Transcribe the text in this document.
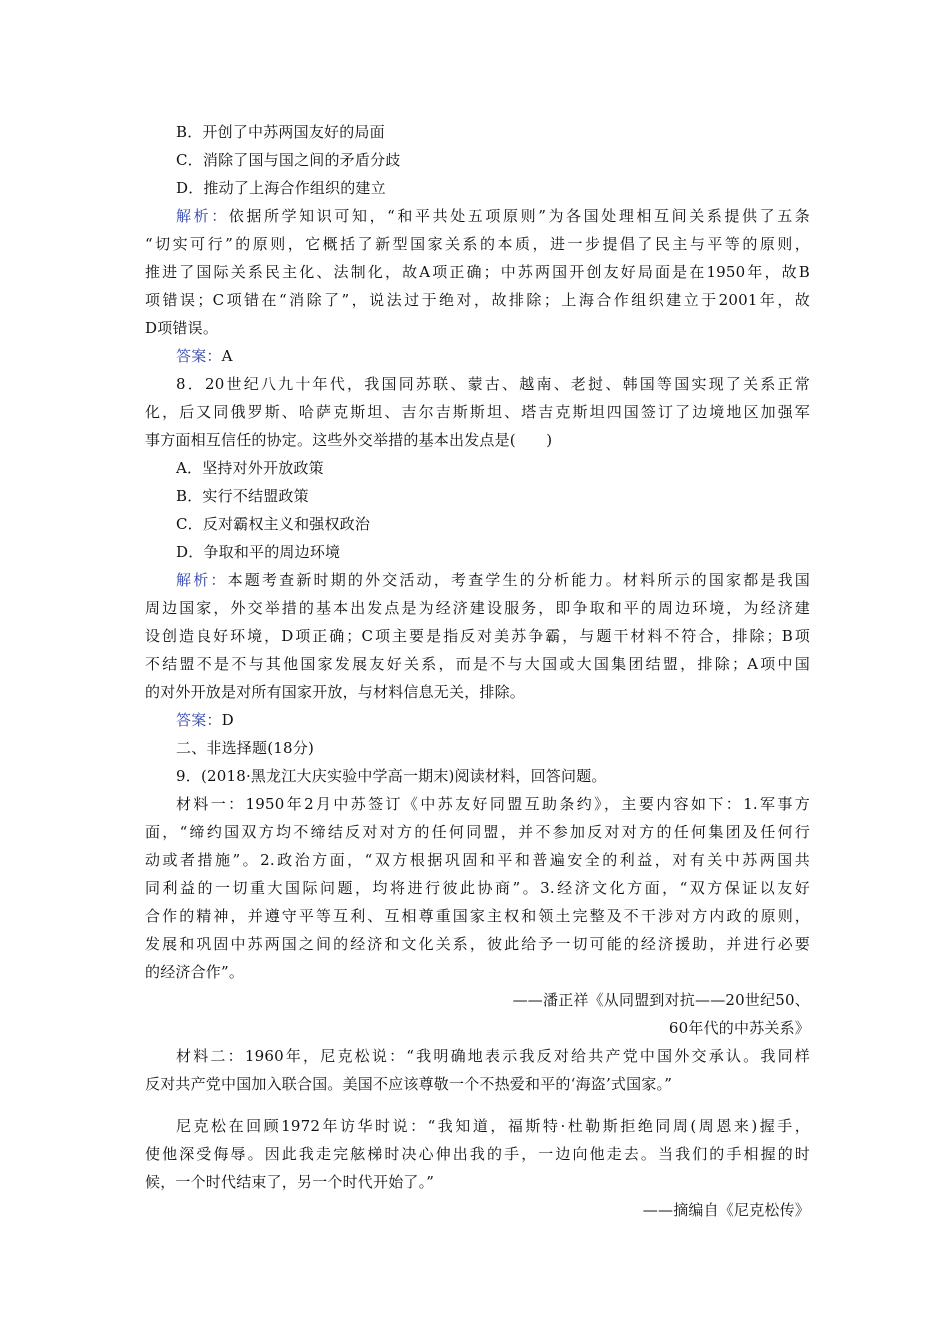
B．开创了中苏两国友好的局面
C．消除了国与国之间的矛盾分歧
D．推动了上海合作组织的建立
解析：依据所学知识可知，“和平共处五项原则”为各国处理相互间关系提供了五条
“切实可行”的原则，它概括了新型国家关系的本质，进一步提倡了民主与平等的原则，
推进了国际关系民主化、法制化，故A项正确；中苏两国开创友好局面是在1950年，故B
项错误；C项错在“消除了”，说法过于绝对，故排除；上海合作组织建立于2001年，故
D项错误。
答案：A
8．20世纪八九十年代，我国同苏联、蒙古、越南、老挝、韩国等国实现了关系正常
化，后又同俄罗斯、哈萨克斯坦、吉尔吉斯斯坦、塔吉克斯坦四国签订了边境地区加强军
事方面相互信任的协定。这些外交举措的基本出发点是(　　)
A．坚持对外开放政策
B．实行不结盟政策
C．反对霸权主义和强权政治
D．争取和平的周边环境
解析：本题考查新时期的外交活动，考查学生的分析能力。材料所示的国家都是我国
周边国家，外交举措的基本出发点是为经济建设服务，即争取和平的周边环境，为经济建
设创造良好环境，D项正确；C项主要是指反对美苏争霸，与题干材料不符合，排除；B项
不结盟不是不与其他国家发展友好关系，而是不与大国或大国集团结盟，排除；A项中国
的对外开放是对所有国家开放，与材料信息无关，排除。
答案：D
二、非选择题(18分)
9．(2018·黑龙江大庆实验中学高一期末)阅读材料，回答问题。
材料一：1950年2月中苏签订《中苏友好同盟互助条约》，主要内容如下：1.军事方
面，“缔约国双方均不缔结反对对方的任何同盟，并不参加反对对方的任何集团及任何行
动或者措施”。2.政治方面，“双方根据巩固和平和普遍安全的利益，对有关中苏两国共
同利益的一切重大国际问题，均将进行彼此协商”。3.经济文化方面，“双方保证以友好
合作的精神，并遵守平等互利、互相尊重国家主权和领土完整及不干涉对方内政的原则，
发展和巩固中苏两国之间的经济和文化关系，彼此给予一切可能的经济援助，并进行必要
的经济合作”。
——潘正祥《从同盟到对抗——20世纪50、
60年代的中苏关系》
材料二：1960年，尼克松说：“我明确地表示我反对给共产党中国外交承认。我同样
反对共产党中国加入联合国。美国不应该尊敬一个不热爱和平的‘海盗’式国家。”
尼克松在回顾1972年访华时说：“我知道，福斯特·杜勒斯拒绝同周(周恩来)握手，
使他深受侮辱。因此我走完舷梯时决心伸出我的手，一边向他走去。当我们的手相握的时
候，一个时代结束了，另一个时代开始了。”
——摘编自《尼克松传》
